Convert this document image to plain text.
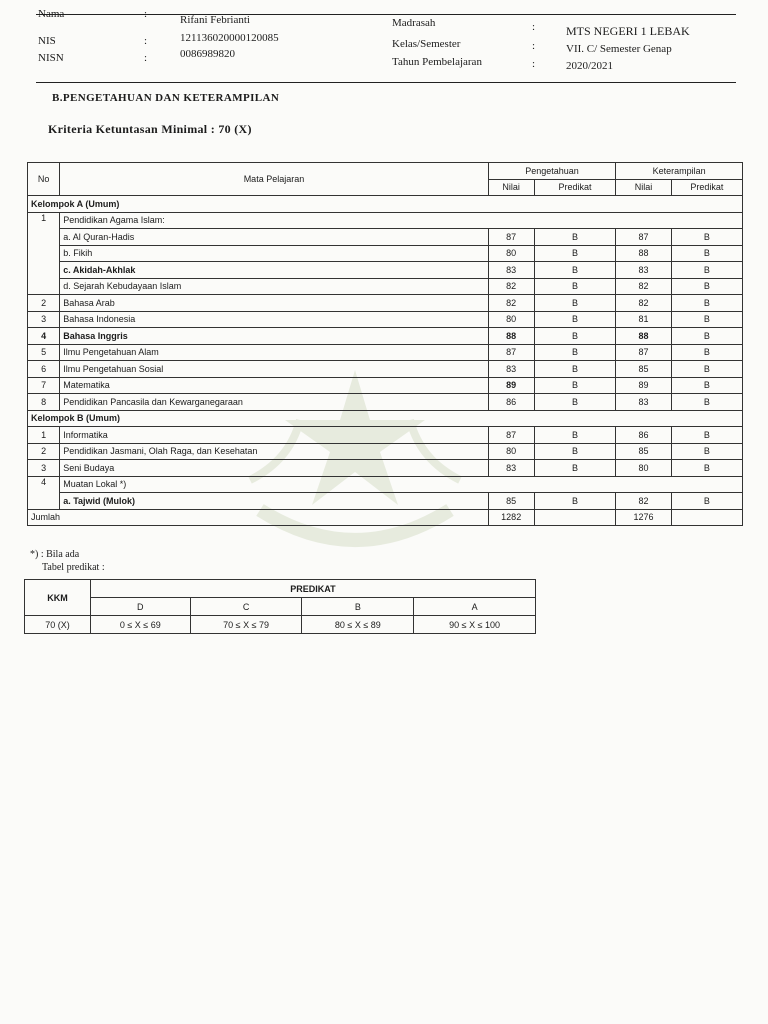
Nama	:	Rifani Febrianti
NIS	:	121136020000120085
NISN	:	0086989820
Madrasah	:	MTS NEGERI 1 LEBAK
Kelas/Semester	:	VII. C/ Semester Genap
Tahun Pembelajaran	:	2020/2021
B.PENGETAHUAN DAN KETERAMPILAN
Kriteria Ketuntasan Minimal : 70 (X)
No	Mata Pelajaran	Pengetahuan		Keterampilan	
		Nilai	Predikat	Nilai	Predikat
Kelompok A (Umum)					
1	Pendidikan Agama Islam:				
	a. Al Quran-Hadis	87	B	87	B
	b. Fikih	80	B	88	B
	c. Akidah-Akhlak	83	B	83	B
	d. Sejarah Kebudayaan Islam	82	B	82	B
2	Bahasa Arab	82	B	82	B
3	Bahasa Indonesia	80	B	81	B
4	Bahasa Inggris	88	B	88	B
5	Ilmu Pengetahuan Alam	87	B	87	B
6	Ilmu Pengetahuan Sosial	83	B	85	B
7	Matematika	89	B	89	B
8	Pendidikan Pancasila dan Kewarganegaraan	86	B	83	B
Kelompok B (Umum)					
1	Informatika	87	B	86	B
2	Pendidikan Jasmani, Olah Raga, dan Kesehatan	80	B	85	B
3	Seni Budaya	83	B	80	B
4	Muatan Lokal *)				
	a. Tajwid (Mulok)	85	B	82	B
Jumlah		1282		1276	
*) : Bila ada
Tabel predikat :
KKM	PREDIKAT			
	D	C	B	A
70 (X)	0 ≤ X ≤ 69	70 ≤ X ≤ 79	80 ≤ X ≤ 89	90 ≤ X ≤ 100
